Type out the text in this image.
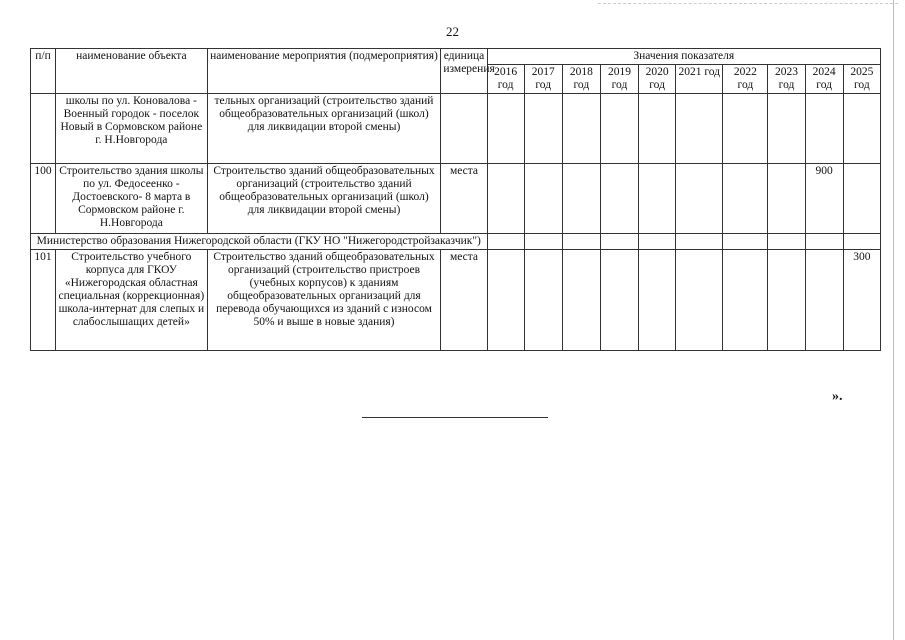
22
п/п	наименование объекта	наименование мероприятия (подмероприятия)	единица измерения	Значения показателя									
				2016 год	2017 год	2018 год	2019 год	2020 год	2021 год	2022 год	2023 год	2024 год	2025 год
	школы по ул. Коновалова - Военный городок - поселок Новый в Сормовском районе г. Н.Новгорода	тельных организаций (строительство зданий общеобразовательных организаций (школ) для ликвидации второй смены)											
100	Строительство здания школы по ул. Федосеенко - Достоевского- 8 марта в Сормовском районе г. Н.Новгорода	Строительство зданий общеобразовательных организаций (строительство зданий общеобразовательных организаций (школ) для ликвидации второй смены)	места									900	
Министерство образования Нижегородской области (ГКУ НО "Нижегородстройзаказчик")													
101	Строительство учебного корпуса для ГКОУ «Нижегородская областная специальная (коррекционная) школа-интернат для слепых и слабослышащих детей»	Строительство зданий общеобразовательных организаций (строительство пристроев (учебных корпусов) к зданиям общеобразовательных организаций для перевода обучающихся из зданий с износом 50% и выше в новые здания)	места										300
».
